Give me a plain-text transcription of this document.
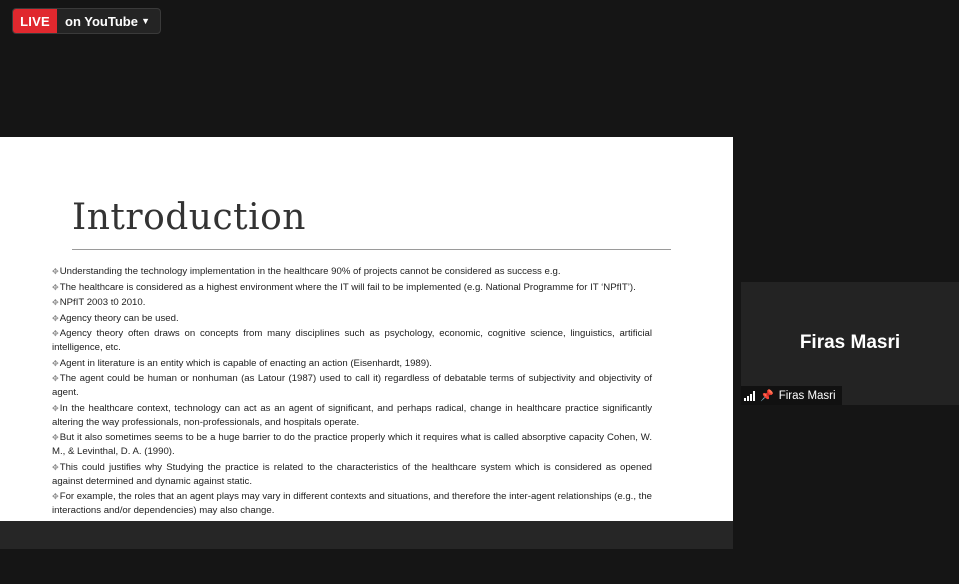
LIVE	on YouTube ▼
Introduction
✥Understanding the technology implementation in the healthcare 90% of projects cannot be considered as success e.g.
✥The healthcare is considered as a highest environment where the IT will fail to be implemented (e.g. National Programme for IT ‘NPfIT’).
✥NPfIT 2003 t0 2010.
✥Agency theory can be used.
✥Agency theory often draws on concepts from many disciplines such as psychology, economic, cognitive science, linguistics, artificial intelligence, etc.
✥Agent in literature is an entity which is capable of enacting an action (Eisenhardt, 1989).
✥The agent could be human or nonhuman (as Latour (1987) used to call it) regardless of debatable terms of subjectivity and objectivity of agent.
✥In the healthcare context, technology can act as an agent of significant, and perhaps radical, change in healthcare practice significantly altering the way professionals, non-professionals, and hospitals operate.
✥But it also sometimes seems to be a huge barrier to do the practice properly which it requires what is called absorptive capacity Cohen, W. M., & Levinthal, D. A. (1990).
✥This could justifies why Studying the practice is related to the characteristics of the healthcare system which is considered as opened against determined and dynamic against static.
✥For example, the roles that an agent plays may vary in different contexts and situations, and therefore the inter-agent relationships (e.g., the interactions and/or dependencies) may also change.
Firas Masri
📌 Firas Masri
